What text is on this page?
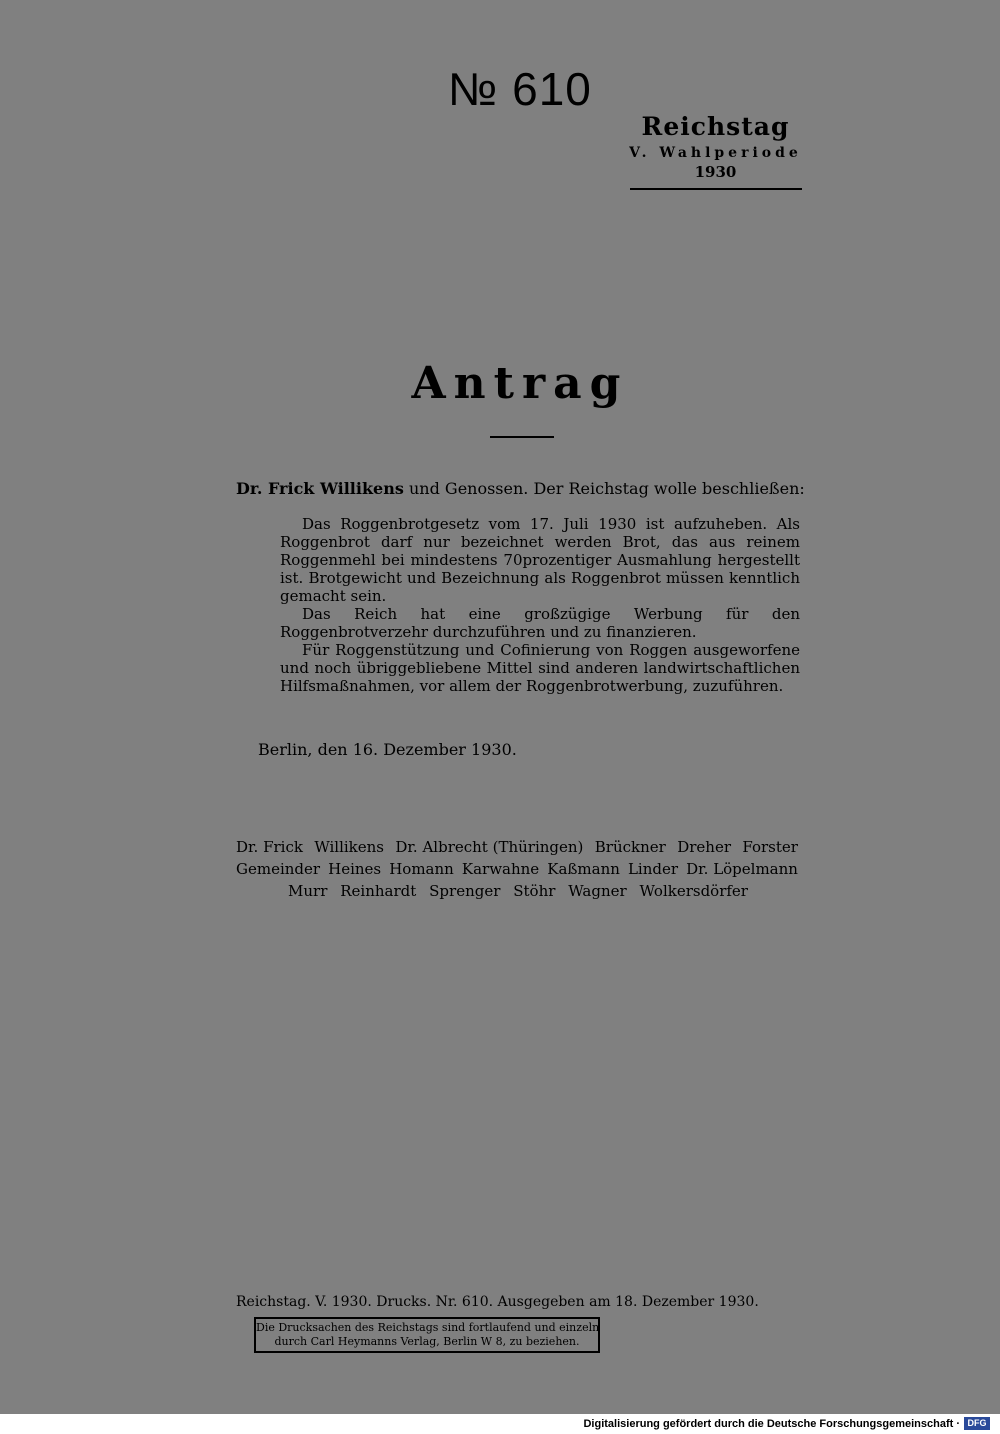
№ 610
Reichstag
V. Wahlperiode
1930
Antrag
Dr. Frick Willikens und Genossen. Der Reichstag wolle beschließen:

Das Roggenbrotgesetz vom 17. Juli 1930 ist aufzuheben. Als Roggenbrot darf nur bezeichnet werden Brot, das aus reinem Roggenmehl bei mindestens 70prozentiger Ausmahlung hergestellt ist. Brotgewicht und Bezeichnung als Roggenbrot müssen kenntlich gemacht sein.

Das Reich hat eine großzügige Werbung für den Roggenbrotverzehr durchzuführen und zu finanzieren.

Für Roggenstützung und Cofinierung von Roggen ausgeworfene und noch übriggebliebene Mittel sind anderen landwirtschaftlichen Hilfsmaßnahmen, vor allem der Roggenbrotwerbung, zuzuführen.

Berlin, den 16. Dezember 1930.
Dr. Frick Willikens Dr. Albrecht (Thüringen) Brückner Dreher Forster
Gemeinder Heines Homann Karwahne Kaßmann Linder Dr. Löpelmann
Murr Reinhardt Sprenger Stöhr Wagner Wolkersdörfer
Reichstag. V. 1930. Drucks. Nr. 610. Ausgegeben am 18. Dezember 1930.
Die Drucksachen des Reichstags sind fortlaufend und einzeln
durch Carl Heymanns Verlag, Berlin W 8, zu beziehen.
Digitalisierung gefördert durch die Deutsche Forschungsgemeinschaft · DFG
